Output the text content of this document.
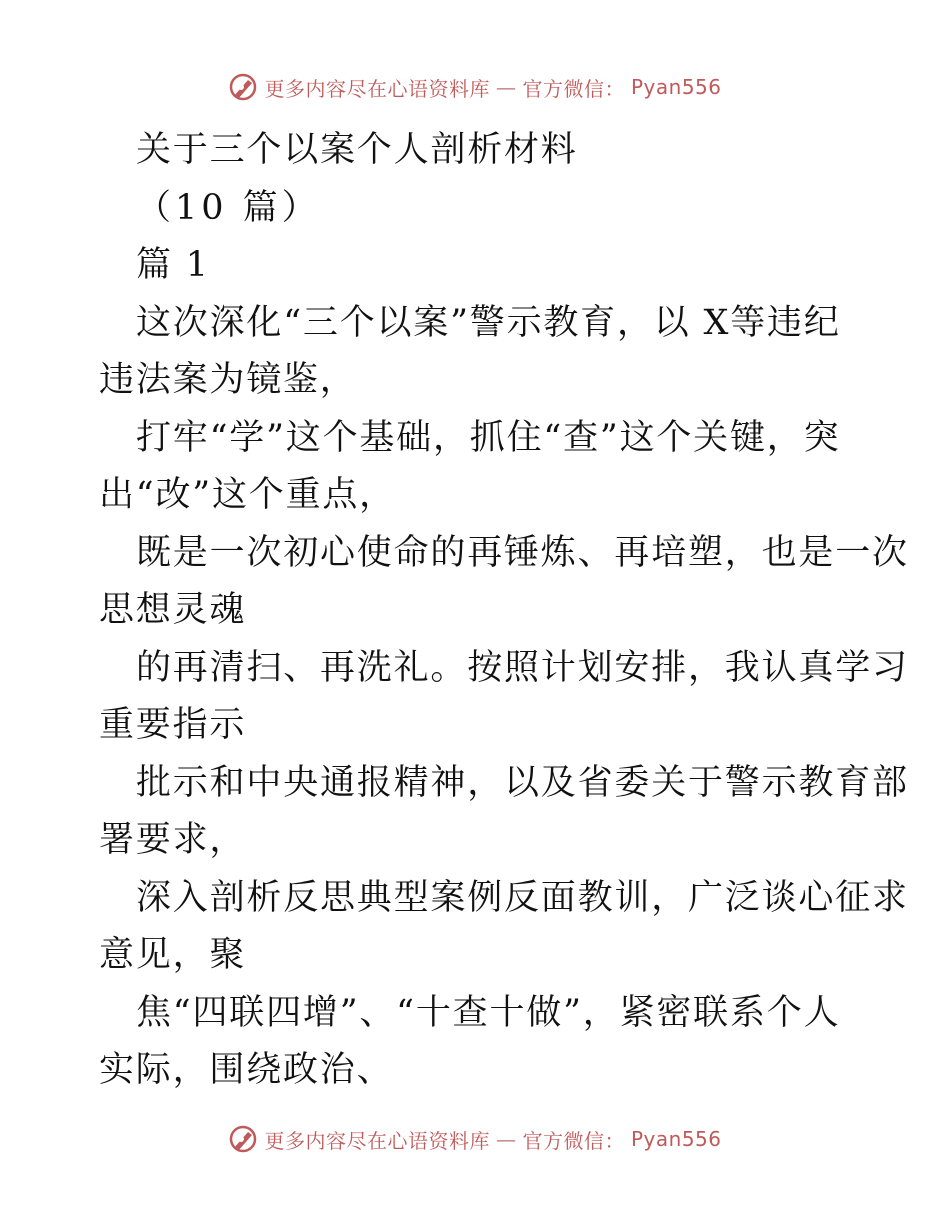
更多内容尽在心语资料库 — 官方微信： Pyan556
关于三个以案个人剖析材料
（10 篇）
篇 1
这次深化“三个以案”警示教育，以 X等违纪
违法案为镜鉴，
打牢“学”这个基础，抓住“查”这个关键，突
出“改”这个重点，
既是一次初心使命的再锤炼、再培塑，也是一次
思想灵魂
的再清扫、再洗礼。按照计划安排，我认真学习
重要指示
批示和中央通报精神，以及省委关于警示教育部
署要求，
深入剖析反思典型案例反面教训，广泛谈心征求
意见，聚
焦“四联四增”、“十查十做”，紧密联系个人
实际，围绕政治、
更多内容尽在心语资料库 — 官方微信： Pyan556
